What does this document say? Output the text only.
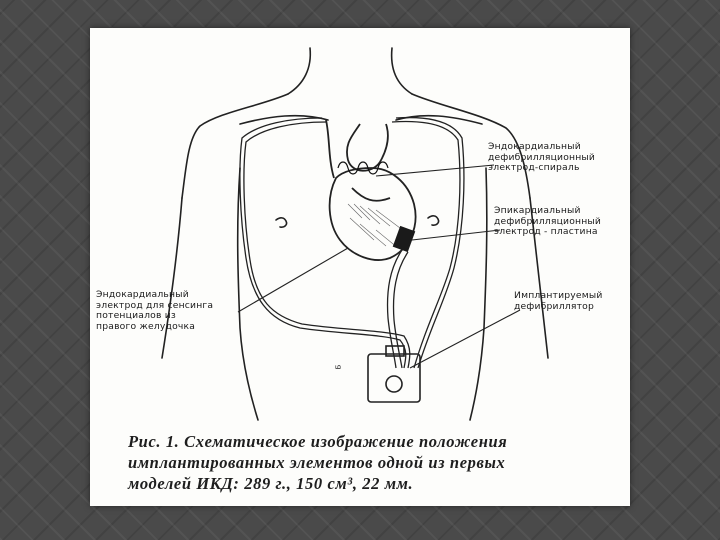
Эндокардиальный
дефибрилляционный
электрод-спираль
Эпикардиальный
дефибрилляционный
электрод - пластина
Эндокардиальный
электрод для сенсинга
потенциалов из
правого желудочка
Имплантируемый
дефибриллятор
Б
Рис. 1. Схематическое изображение положения
имплантированных элементов одной из первых
моделей ИКД: 289 г., 150 см³, 22 мм.
